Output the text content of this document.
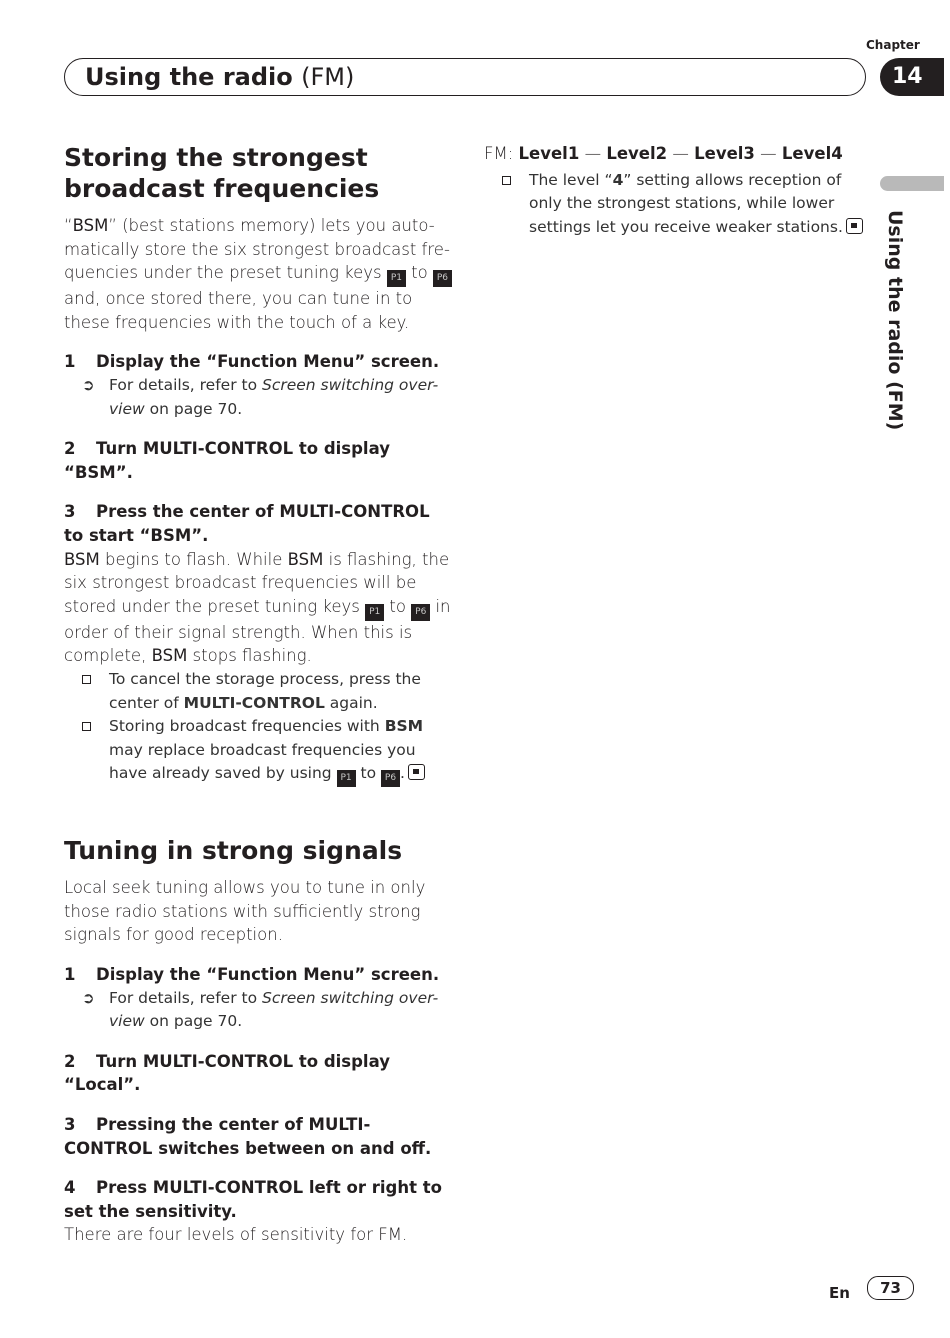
Chapter
Using the radio (FM)	14
Using the radio (FM)
Storing the strongest
broadcast frequencies

“BSM” (best stations memory) lets you auto-matically store the six strongest broadcast fre-quencies under the preset tuning keys P1 to P6 and, once stored there, you can tune in to these frequencies with the touch of a key.

1 Display the “Function Menu” screen.
➲ For details, refer to Screen switching over-view on page 70.
2 Turn MULTI-CONTROL to display “BSM”.
3 Press the center of MULTI-CONTROL to start “BSM”.

BSM begins to flash. While BSM is flashing, the six strongest broadcast frequencies will be stored under the preset tuning keys P1 to P6 in order of their signal strength. When this is complete, BSM stops flashing.

To cancel the storage process, press the center of MULTI-CONTROL again.
Storing broadcast frequencies with BSM may replace broadcast frequencies you have already saved by using P1 to P6 .
Tuning in strong signals

Local seek tuning allows you to tune in only those radio stations with sufficiently strong signals for good reception.

1 Display the “Function Menu” screen.
➲ For details, refer to Screen switching over-view on page 70.
2 Turn MULTI-CONTROL to display “Local”.
3 Pressing the center of MULTI-CONTROL switches between on and off.
4 Press MULTI-CONTROL left or right to set the sensitivity.

There are four levels of sensitivity for FM.

FM: Level1 — Level2 — Level3 — Level4

The level “4” setting allows reception of only the strongest stations, while lower settings let you receive weaker stations.
En	73
